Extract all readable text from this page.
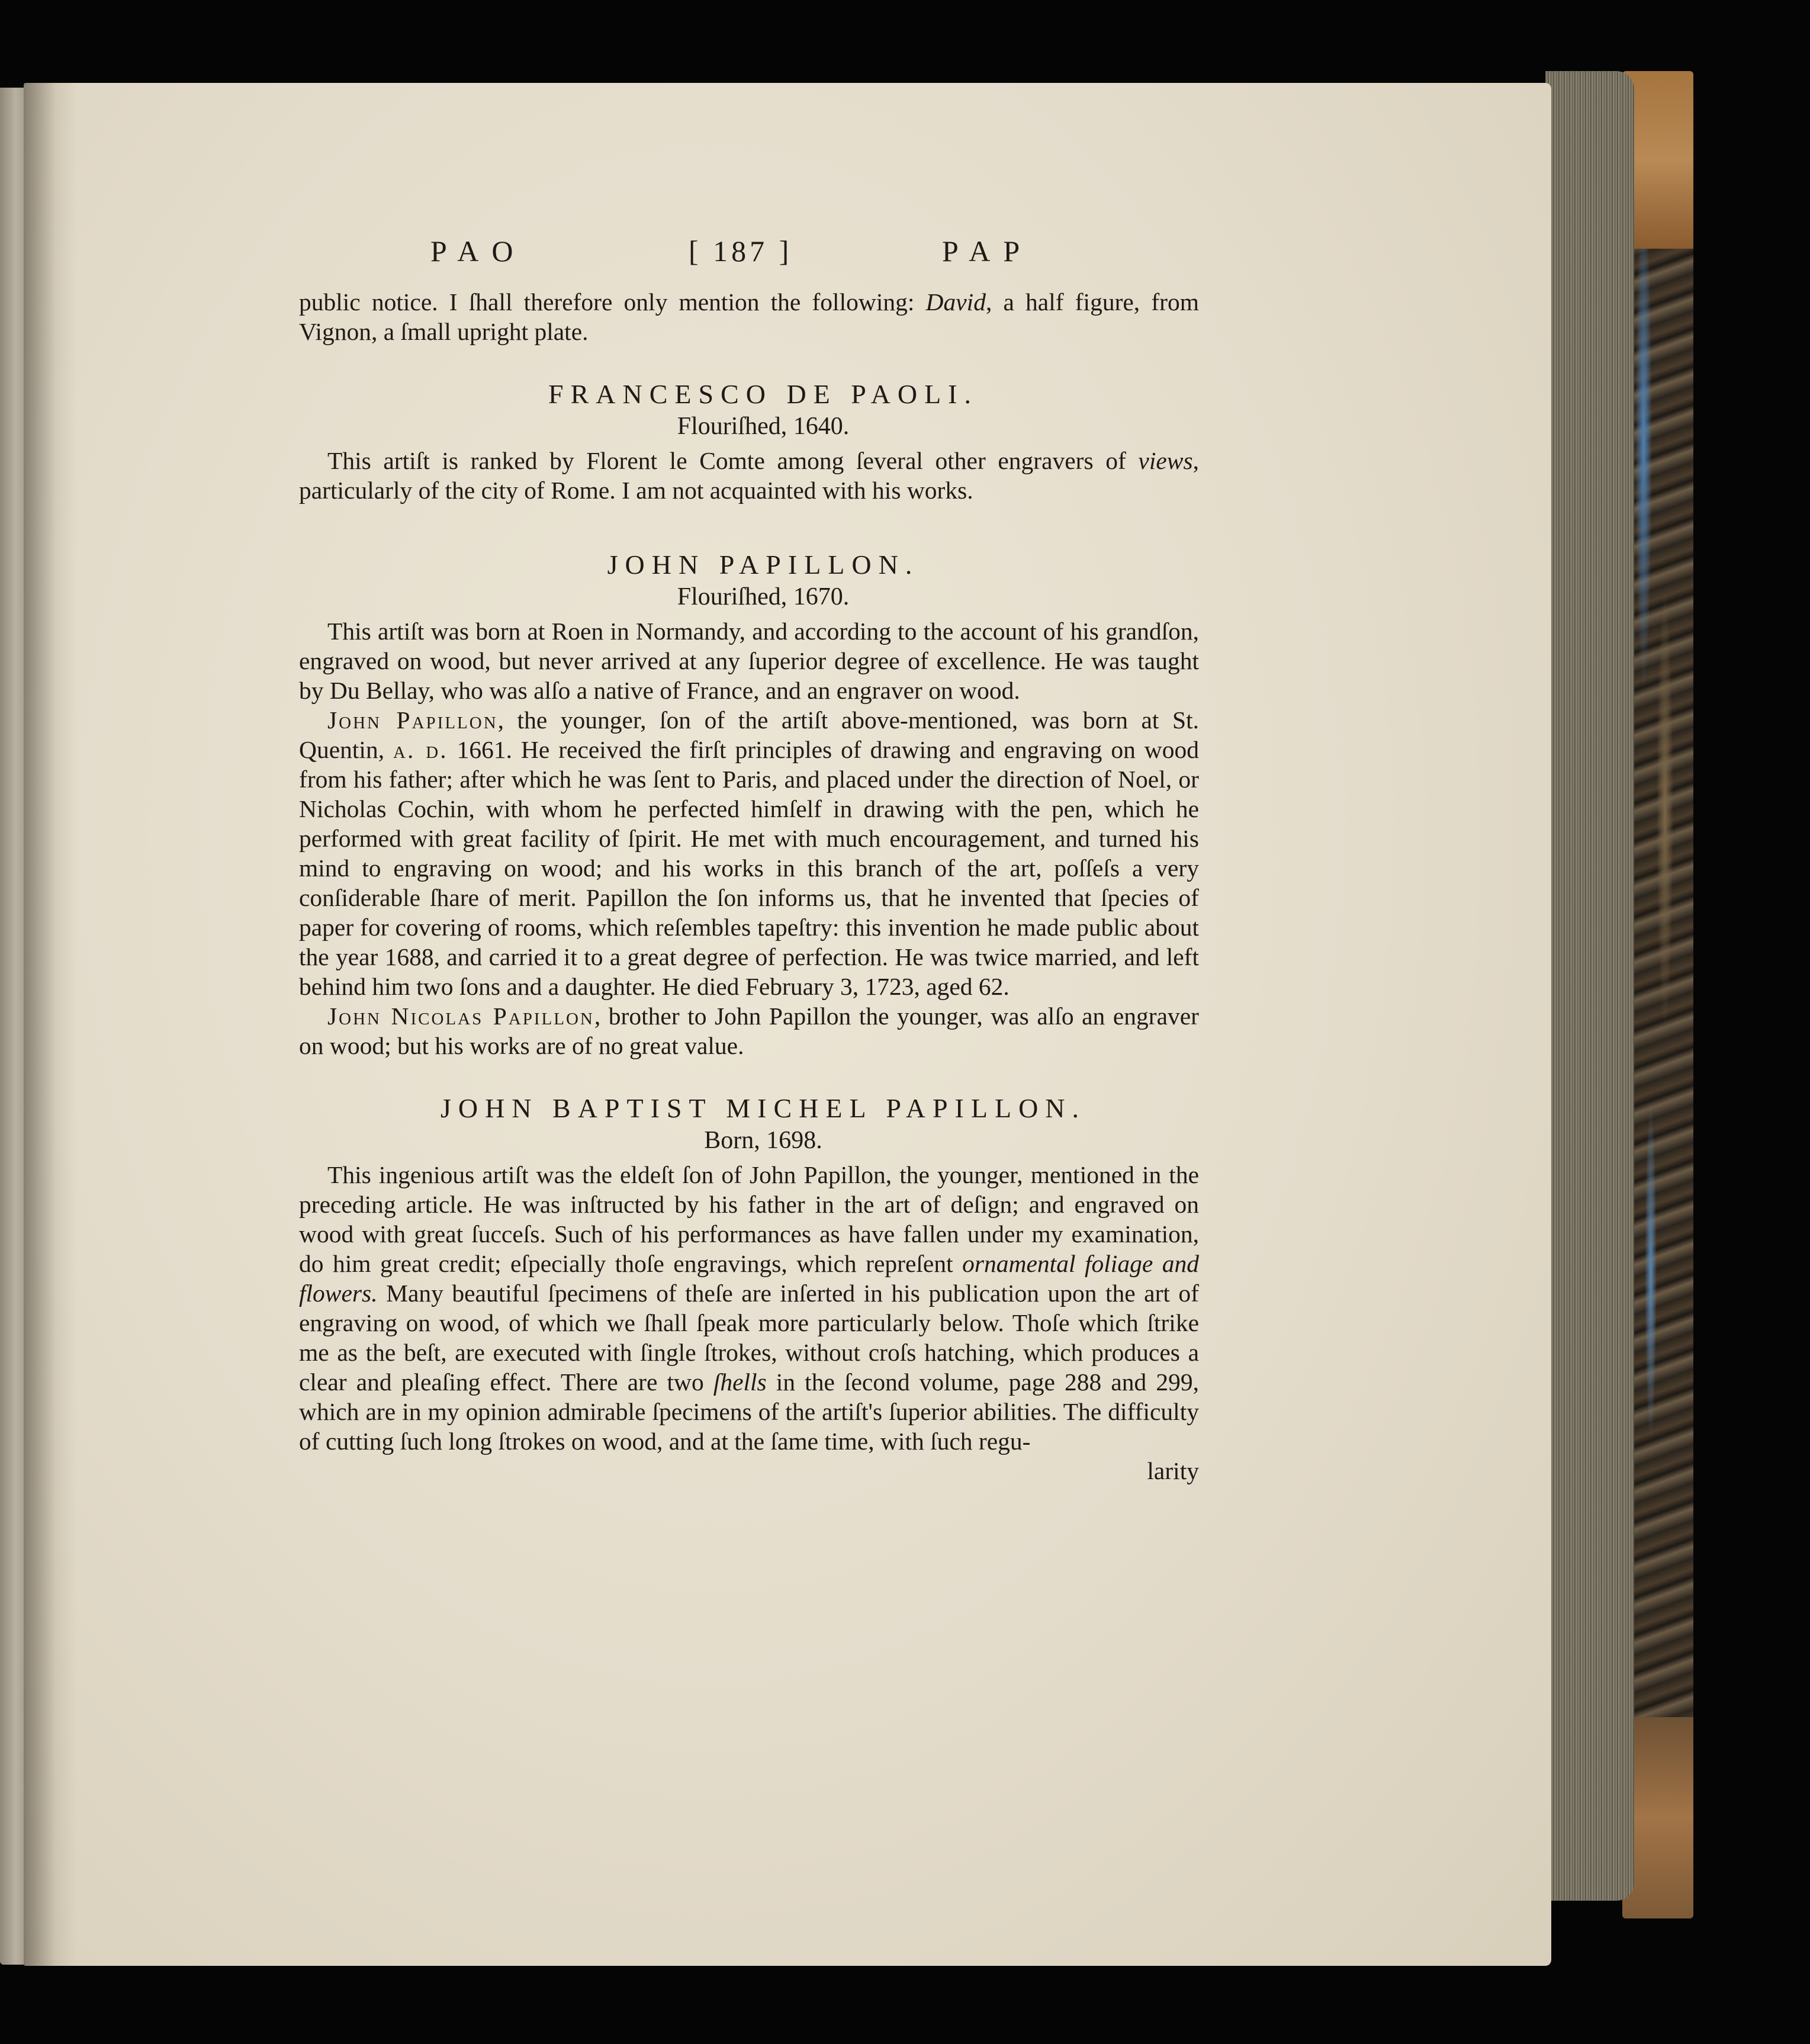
PAO	[ 187 ]	PAP

public notice. I ſhall therefore only mention the following: David, a half figure, from Vignon, a ſmall upright plate.

FRANCESCO DE PAOLI.

Flouriſhed, 1640.

This artiſt is ranked by Florent le Comte among ſeveral other engravers of views, particularly of the city of Rome. I am not acquainted with his works.

JOHN PAPILLON.

Flouriſhed, 1670.

This artiſt was born at Roen in Normandy, and according to the account of his grandſon, engraved on wood, but never arrived at any ſuperior degree of excellence. He was taught by Du Bellay, who was alſo a native of France, and an engraver on wood.

John Papillon, the younger, ſon of the artiſt above-mentioned, was born at St. Quentin, a. d. 1661. He received the firſt principles of drawing and engraving on wood from his father; after which he was ſent to Paris, and placed under the direction of Noel, or Nicholas Cochin, with whom he perfected himſelf in drawing with the pen, which he performed with great facility of ſpirit. He met with much encouragement, and turned his mind to engraving on wood; and his works in this branch of the art, poſſeſs a very conſiderable ſhare of merit. Papillon the ſon informs us, that he invented that ſpecies of paper for covering of rooms, which reſembles tapeſtry: this invention he made public about the year 1688, and carried it to a great degree of perfection. He was twice married, and left behind him two ſons and a daughter. He died February 3, 1723, aged 62.

John Nicolas Papillon, brother to John Papillon the younger, was alſo an engraver on wood; but his works are of no great value.

JOHN BAPTIST MICHEL PAPILLON.

Born, 1698.

This ingenious artiſt was the eldeſt ſon of John Papillon, the younger, mentioned in the preceding article. He was inſtructed by his father in the art of deſign; and engraved on wood with great ſucceſs. Such of his performances as have fallen under my examination, do him great credit; eſpecially thoſe engravings, which repreſent ornamental foliage and flowers. Many beautiful ſpecimens of theſe are inſerted in his publication upon the art of engraving on wood, of which we ſhall ſpeak more particularly below. Thoſe which ſtrike me as the beſt, are executed with ſingle ſtrokes, without croſs hatching, which produces a clear and pleaſing effect. There are two ſhells in the ſecond volume, page 288 and 299, which are in my opinion admirable ſpecimens of the artiſt's ſuperior abilities. The difficulty of cutting ſuch long ſtrokes on wood, and at the ſame time, with ſuch regu-

larity
